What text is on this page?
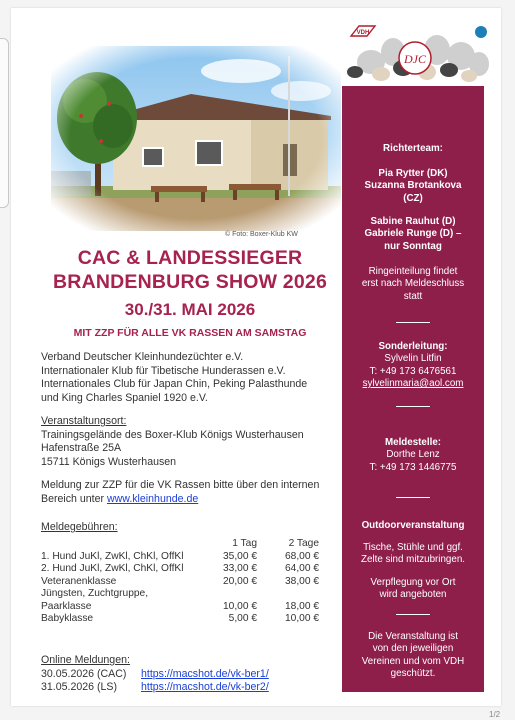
© Foto: Boxer-Klub KW
VDH
DJC
CAC & LANDESSIEGER
BRANDENBURG SHOW 2026
30./31. MAI 2026
MIT ZZP FÜR ALLE VK RASSEN AM SAMSTAG
Verband Deutscher Kleinhundezüchter e.V.
Internationaler Klub für Tibetische Hunderassen e.V.
Internationales Club für Japan Chin, Peking Palasthunde
und King Charles Spaniel 1920 e.V.
Veranstaltungsort:
Trainingsgelände des Boxer-Klub Königs Wusterhausen
Hafenstraße 25A
15711 Königs Wusterhausen
Meldung zur ZZP für die VK Rassen bitte über den internen
Bereich unter www.kleinhunde.de
Meldegebühren:
	1 Tag	2 Tage
1. Hund JuKl, ZwKl, ChKl, OffKl	35,00 €	68,00 €
2. Hund JuKl, ZwKl, ChKl, OffKl	33,00 €	64,00 €
Veteranenklasse	20,00 €	38,00 €
Jüngsten, Zuchtgruppe,		
Paarklasse	10,00 €	18,00 €
Babyklasse	5,00 €	10,00 €
Online Meldungen:
30.05.2026 (CAC)	https://macshot.de/vk-ber1/
31.05.2026 (LS)	https://macshot.de/vk-ber2/
Richterteam:
Pia Rytter (DK)
Suzanna Brotankova
(CZ)
Sabine Rauhut (D)
Gabriele Runge (D) –
nur Sonntag
Ringeinteilung findet
erst nach Meldeschluss
statt
Sonderleitung:
Sylvelin Litfin
T: +49 173 6476561
sylvelinmaria@aol.com
Meldestelle:
Dorthe Lenz
T: +49 173 1446775
Outdoorveranstaltung
Tische, Stühle und ggf.
Zelte sind mitzubringen.
Verpflegung vor Ort
wird angeboten
Die Veranstaltung ist
von den jeweiligen
Vereinen und vom VDH
geschützt.
1/2
